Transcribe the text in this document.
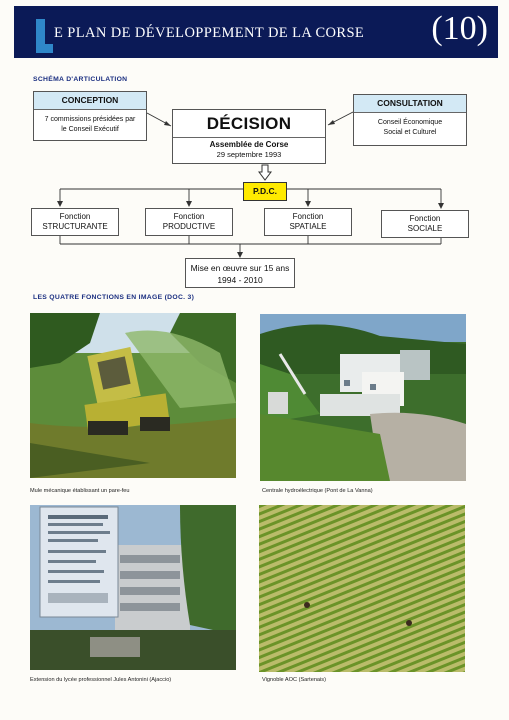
E PLAN DE DÉVELOPPEMENT DE LA CORSE (10)
SCHÉMA D'ARTICULATION
CONCEPTION
7 commissions présidées par
le Conseil Exécutif	DÉCISION
Assemblée de Corse
29 septembre 1993
CONSULTATION
Conseil Économique
Social et Culturel
P.D.C.
Fonction
STRUCTURANTE
Fonction
PRODUCTIVE
Fonction
SPATIALE
Fonction
SOCIALE
Mise en œuvre sur 15 ans
1994 - 2010
LES QUATRE FONCTIONS EN IMAGE (DOC. 3)
Mule mécanique établissant un pare-feu	Centrale hydroélectrique (Pont de La Vanna)
Extension du lycée professionnel Jules Antonini (Ajaccio)	Vignoble AOC (Sartenais)
